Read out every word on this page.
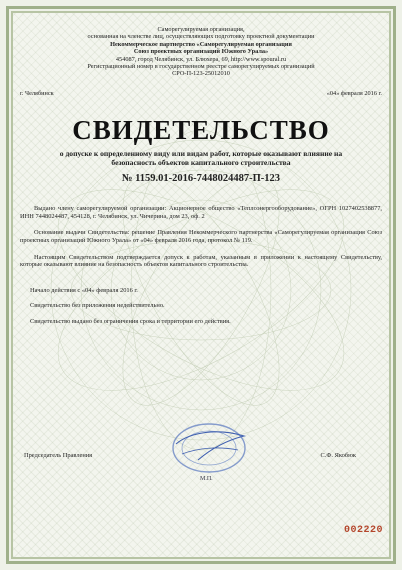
Саморегулируемая организация,
основанная на членстве лиц, осуществляющих подготовку проектной документации
Некоммерческое партнерство «Саморегулируемая организация
Союз проектных организаций Южного Урала»
454087, город Челябинск, ул. Блюхера, 69, http://www.spoural.ru
Регистрационный номер в государственном реестре саморегулируемых организаций
СРО-П-123-25012010
г. Челябинск	«04» февраля 2016 г.
СВИДЕТЕЛЬСТВО
о допуске к определенному виду или видам работ, которые оказывают влияние на
безопасность объектов капитального строительства
№ 1159.01-2016-7448024487-П-123
Выдано члену саморегулируемой организации: Акционерное общество «Теплоэнергооборудование», ОГРН 1027402538877, ИНН 7448024487, 454128, г. Челябинск, ул. Чичерина, дом 23, оф. 2
Основание выдачи Свидетельства: решение Правления Некоммерческого партнерства «Саморегулируемая организация Союз проектных организаций Южного Урала» от «04» февраля 2016 года, протокол № 119.
Настоящим Свидетельством подтверждается допуск к работам, указанным в приложении к настоящему Свидетельству, которые оказывают влияние на безопасность объектов капитального строительства.
Начало действия с «04» февраля 2016 г.
Свидетельство без приложения недействительно.
Свидетельство выдано без ограничения срока и территории его действия.
Председатель Правления	С.Ф. Якобюк
М.П.
002220
